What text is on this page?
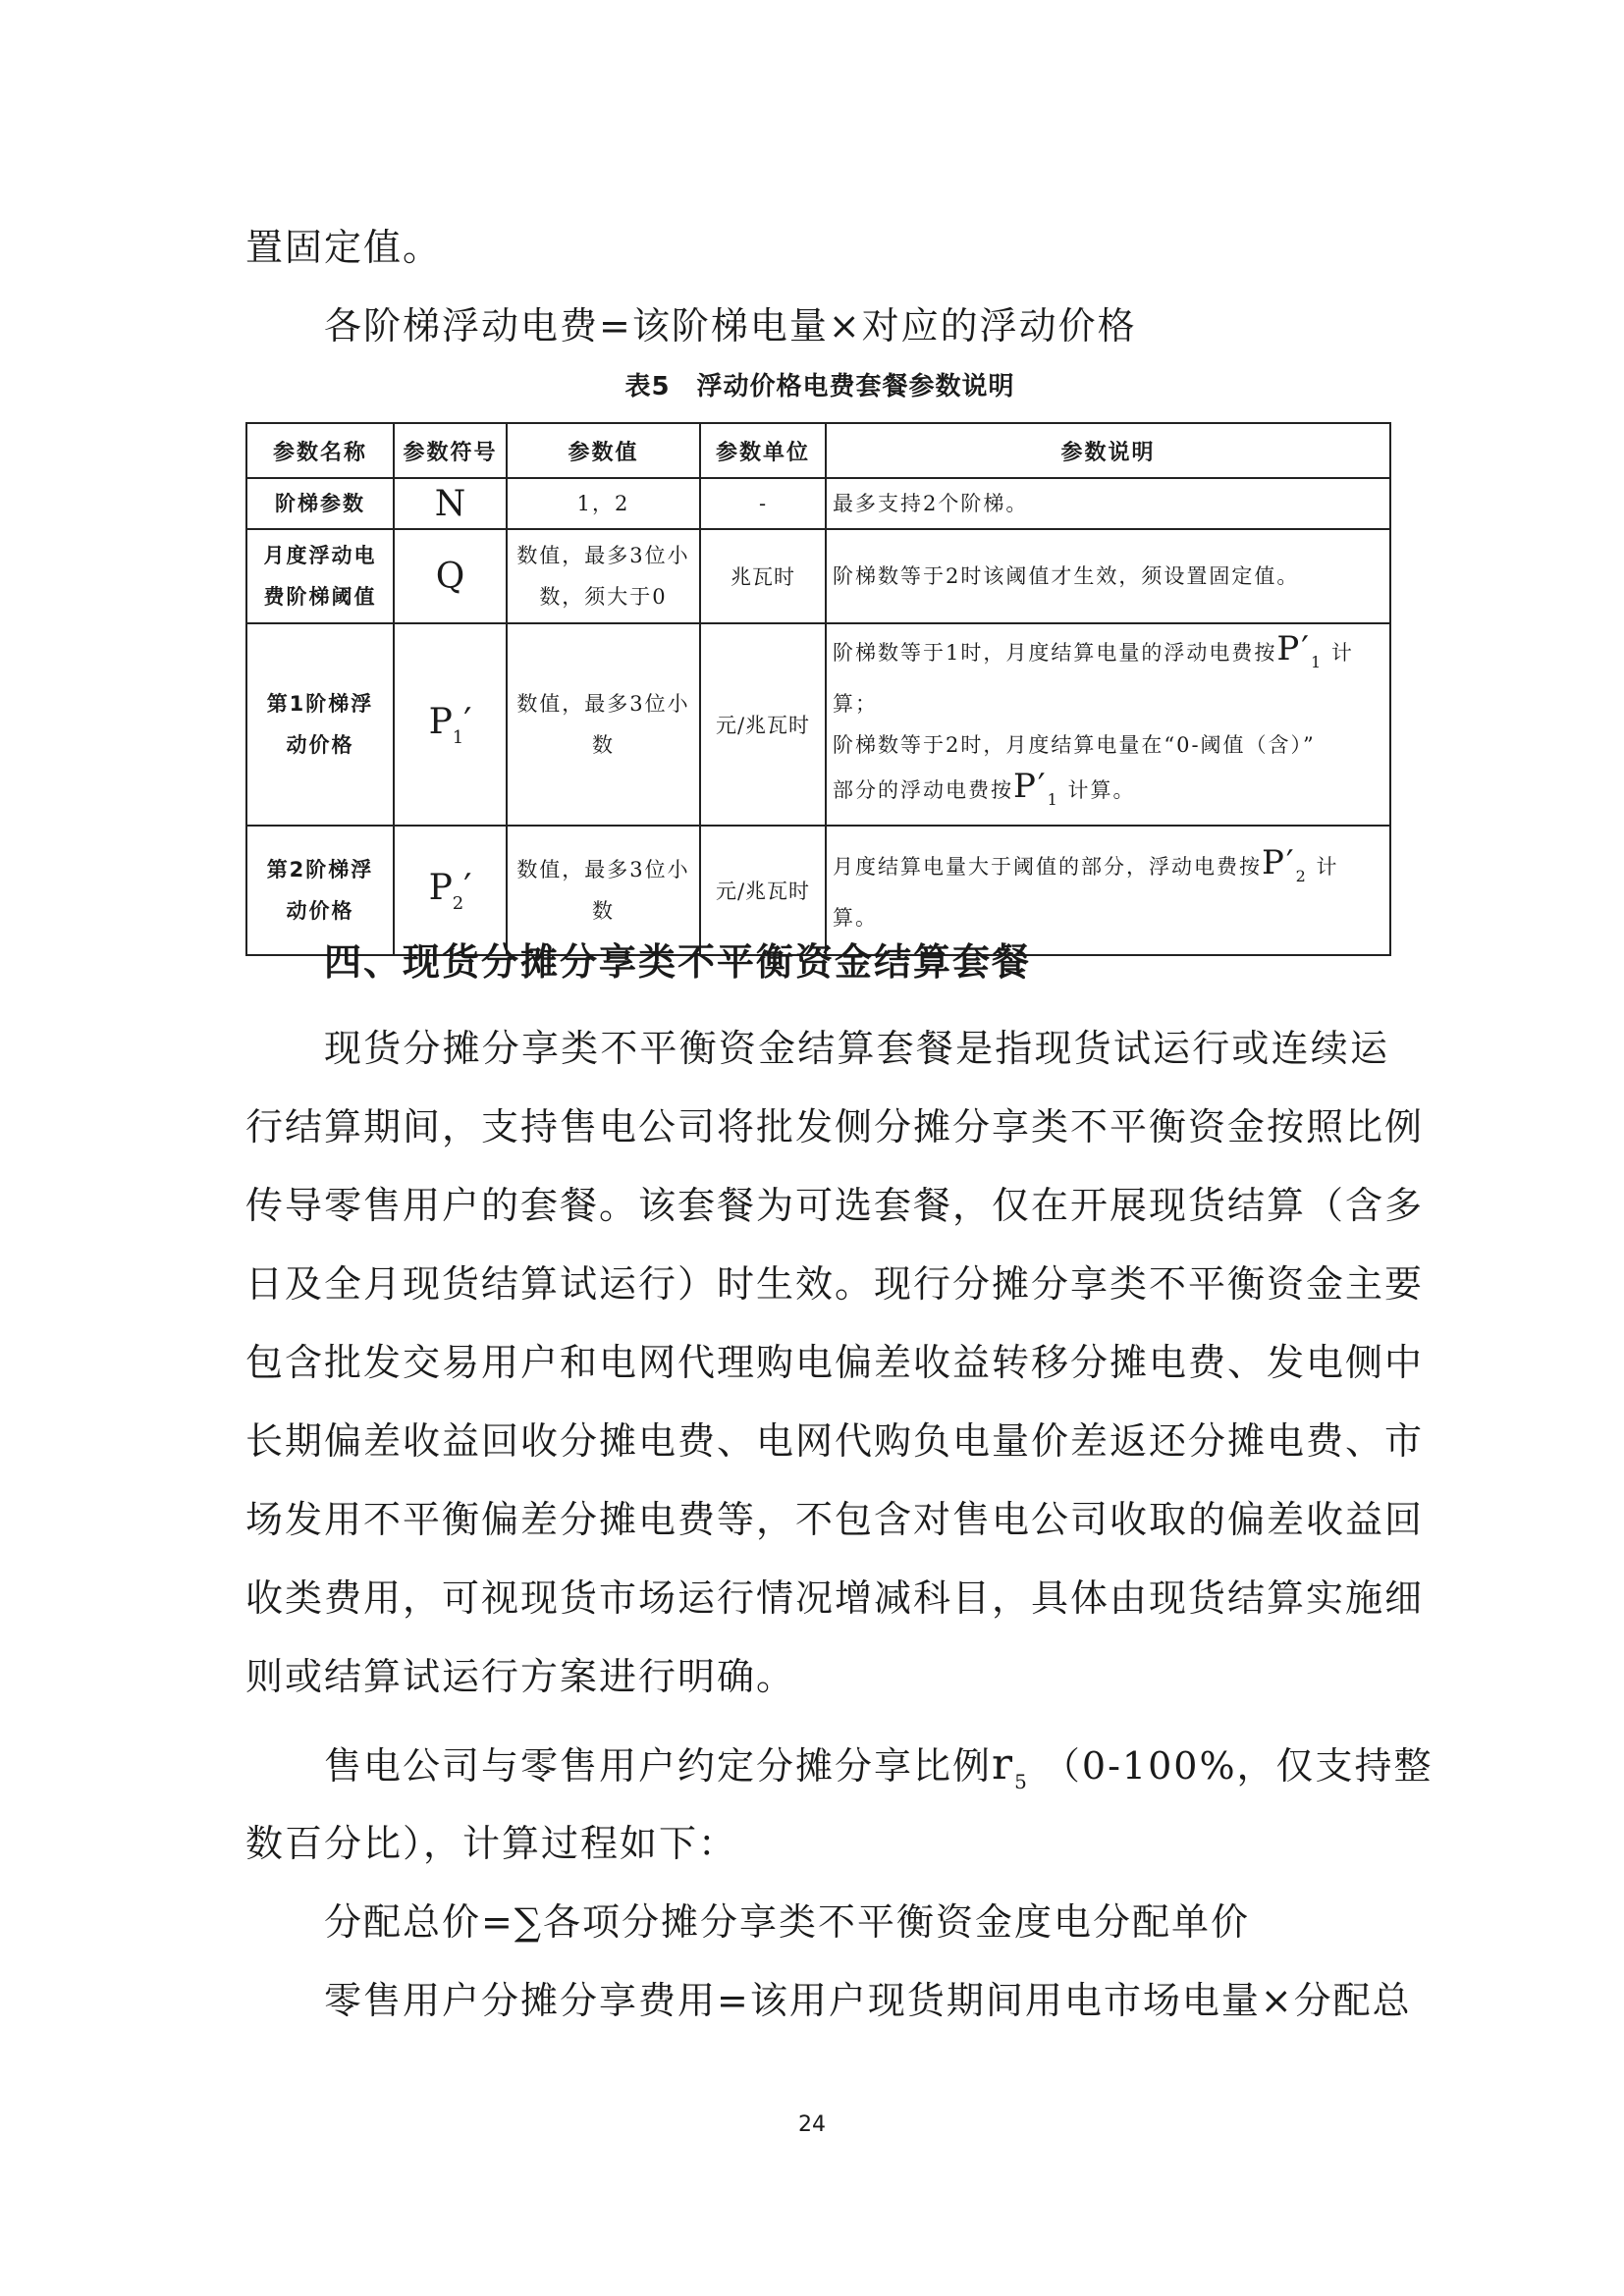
置固定值。
各阶梯浮动电费=该阶梯电量×对应的浮动价格
表5　浮动价格电费套餐参数说明
参数名称	参数符号	参数值	参数单位	参数说明
阶梯参数	N	1，2	-	最多支持2个阶梯。
月度浮动电
费阶梯阈值	Q	数值，最多3位小
数，须大于0	兆瓦时	阶梯数等于2时该阈值才生效，须设置固定值。
第1阶梯浮
动价格	$P_1'$	数值，最多3位小
数	元/兆瓦时	阶梯数等于1时，月度结算电量的浮动电费按$P'_1$ 计
算；
阶梯数等于2时，月度结算电量在“0-阈值（含）”
部分的浮动电费按$P'_1$ 计算。
第2阶梯浮
动价格	$P_2'$	数值，最多3位小
数	元/兆瓦时	月度结算电量大于阈值的部分，浮动电费按$P'_2$ 计
算。
四、现货分摊分享类不平衡资金结算套餐
现货分摊分享类不平衡资金结算套餐是指现货试运行或连续运
行结算期间，支持售电公司将批发侧分摊分享类不平衡资金按照比例
传导零售用户的套餐。该套餐为可选套餐，仅在开展现货结算（含多
日及全月现货结算试运行）时生效。现行分摊分享类不平衡资金主要
包含批发交易用户和电网代理购电偏差收益转移分摊电费、发电侧中
长期偏差收益回收分摊电费、电网代购负电量价差返还分摊电费、市
场发用不平衡偏差分摊电费等，不包含对售电公司收取的偏差收益回
收类费用，可视现货市场运行情况增减科目，具体由现货结算实施细
则或结算试运行方案进行明确。
售电公司与零售用户约定分摊分享比例$r_5$ （0-100%，仅支持整
数百分比），计算过程如下：
分配总价=∑各项分摊分享类不平衡资金度电分配单价
零售用户分摊分享费用=该用户现货期间用电市场电量×分配总
24
